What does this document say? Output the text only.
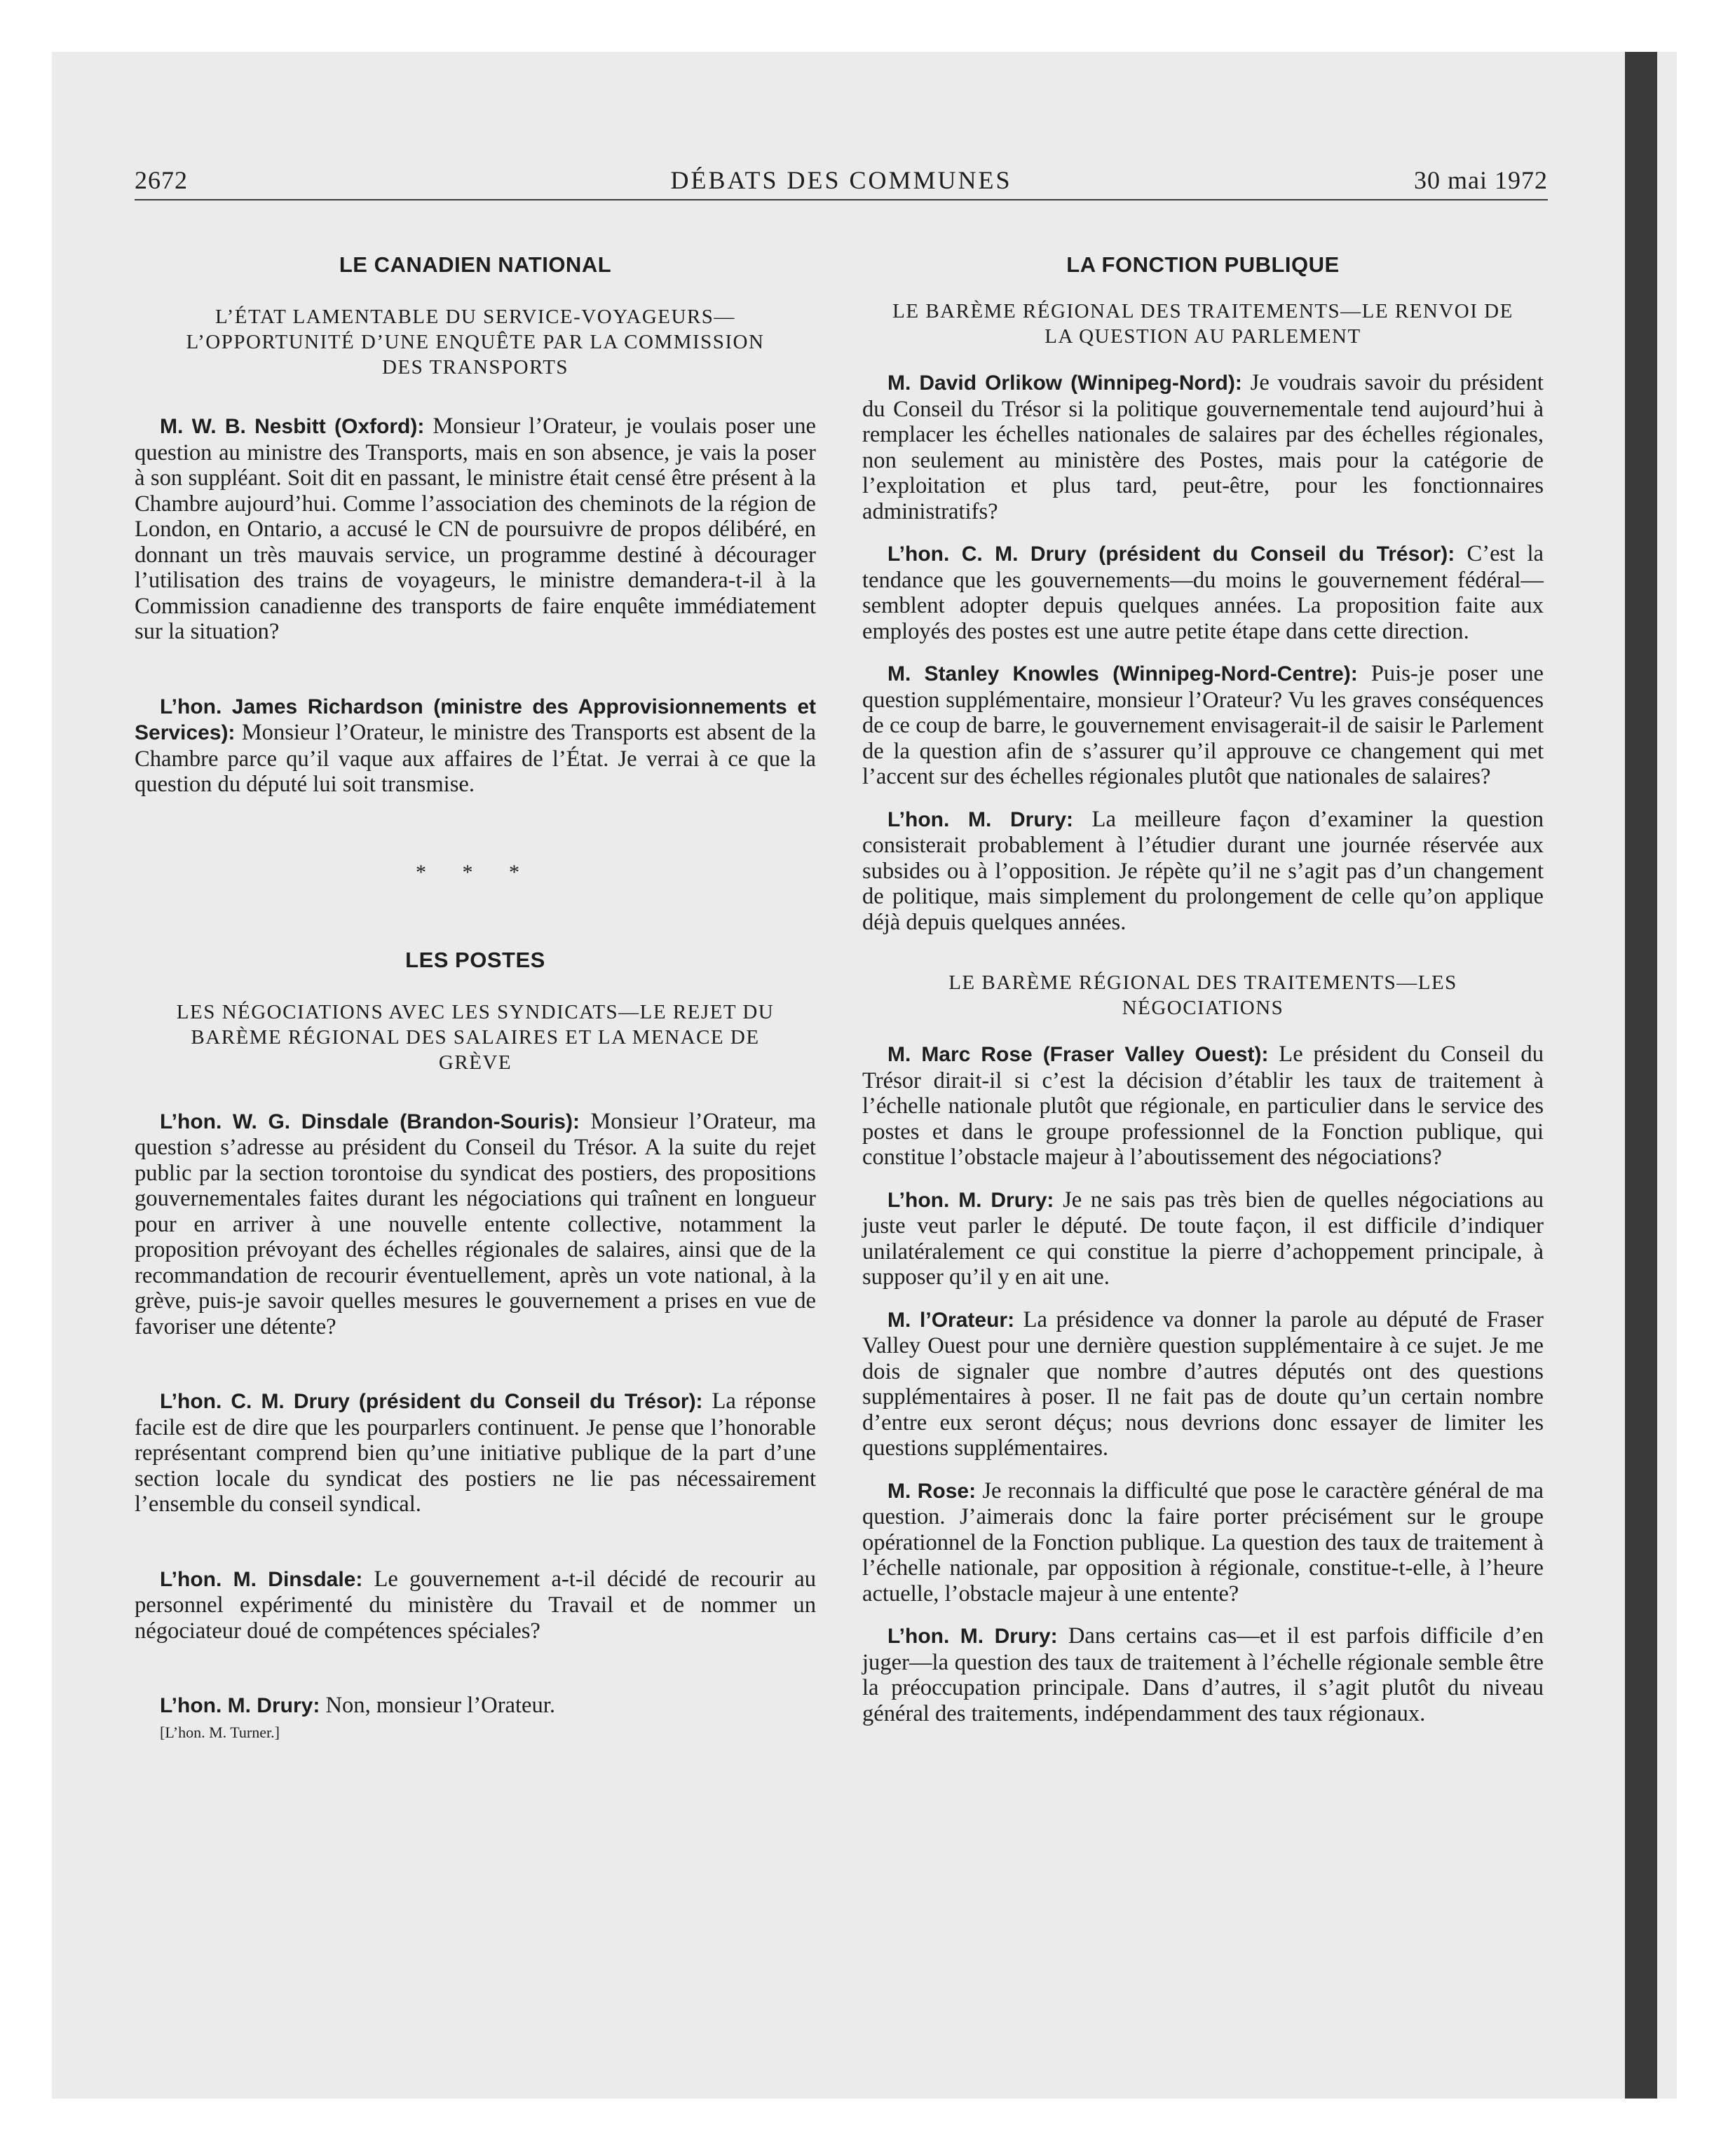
2672	DÉBATS DES COMMUNES	30 mai 1972
LE CANADIEN NATIONAL
L’ÉTAT LAMENTABLE DU SERVICE-VOYAGEURS— L’OPPORTUNITÉ D’UNE ENQUÊTE PAR LA COMMISSION DES TRANSPORTS

M. W. B. Nesbitt (Oxford): Monsieur l’Orateur, je voulais poser une question au ministre des Transports, mais en son absence, je vais la poser à son suppléant. Soit dit en passant, le ministre était censé être présent à la Chambre aujourd’hui. Comme l’association des cheminots de la région de London, en Ontario, a accusé le CN de poursuivre de propos délibéré, en donnant un très mauvais service, un programme destiné à décourager l’utilisation des trains de voyageurs, le ministre demandera-t-il à la Commission canadienne des transports de faire enquête immédiatement sur la situation?

L’hon. James Richardson (ministre des Approvisionnements et Services): Monsieur l’Orateur, le ministre des Transports est absent de la Chambre parce qu’il vaque aux affaires de l’État. Je verrai à ce que la question du député lui soit transmise.

* * *
LES POSTES
LES NÉGOCIATIONS AVEC LES SYNDICATS—LE REJET DU BARÈME RÉGIONAL DES SALAIRES ET LA MENACE DE GRÈVE

L’hon. W. G. Dinsdale (Brandon-Souris): Monsieur l’Orateur, ma question s’adresse au président du Conseil du Trésor. A la suite du rejet public par la section torontoise du syndicat des postiers, des propositions gouvernementales faites durant les négociations qui traînent en longueur pour en arriver à une nouvelle entente collective, notamment la proposition prévoyant des échelles régionales de salaires, ainsi que de la recommandation de recourir éventuellement, après un vote national, à la grève, puis-je savoir quelles mesures le gouvernement a prises en vue de favoriser une détente?

L’hon. C. M. Drury (président du Conseil du Trésor): La réponse facile est de dire que les pourparlers continuent. Je pense que l’honorable représentant comprend bien qu’une initiative publique de la part d’une section locale du syndicat des postiers ne lie pas nécessairement l’ensemble du conseil syndical.

L’hon. M. Dinsdale: Le gouvernement a-t-il décidé de recourir au personnel expérimenté du ministère du Travail et de nommer un négociateur doué de compétences spéciales?

L’hon. M. Drury: Non, monsieur l’Orateur.

[L’hon. M. Turner.]
LA FONCTION PUBLIQUE
LE BARÈME RÉGIONAL DES TRAITEMENTS—LE RENVOI DE LA QUESTION AU PARLEMENT

M. David Orlikow (Winnipeg-Nord): Je voudrais savoir du président du Conseil du Trésor si la politique gouvernementale tend aujourd’hui à remplacer les échelles nationales de salaires par des échelles régionales, non seulement au ministère des Postes, mais pour la catégorie de l’exploitation et plus tard, peut-être, pour les fonctionnaires administratifs?

L’hon. C. M. Drury (président du Conseil du Trésor): C’est la tendance que les gouvernements—du moins le gouvernement fédéral—semblent adopter depuis quelques années. La proposition faite aux employés des postes est une autre petite étape dans cette direction.

M. Stanley Knowles (Winnipeg-Nord-Centre): Puis-je poser une question supplémentaire, monsieur l’Orateur? Vu les graves conséquences de ce coup de barre, le gouvernement envisagerait-il de saisir le Parlement de la question afin de s’assurer qu’il approuve ce changement qui met l’accent sur des échelles régionales plutôt que nationales de salaires?

L’hon. M. Drury: La meilleure façon d’examiner la question consisterait probablement à l’étudier durant une journée réservée aux subsides ou à l’opposition. Je répète qu’il ne s’agit pas d’un changement de politique, mais simplement du prolongement de celle qu’on applique déjà depuis quelques années.

LE BARÈME RÉGIONAL DES TRAITEMENTS—LES NÉGOCIATIONS

M. Marc Rose (Fraser Valley Ouest): Le président du Conseil du Trésor dirait-il si c’est la décision d’établir les taux de traitement à l’échelle nationale plutôt que régionale, en particulier dans le service des postes et dans le groupe professionnel de la Fonction publique, qui constitue l’obstacle majeur à l’aboutissement des négociations?

L’hon. M. Drury: Je ne sais pas très bien de quelles négociations au juste veut parler le député. De toute façon, il est difficile d’indiquer unilatéralement ce qui constitue la pierre d’achoppement principale, à supposer qu’il y en ait une.

M. l’Orateur: La présidence va donner la parole au député de Fraser Valley Ouest pour une dernière question supplémentaire à ce sujet. Je me dois de signaler que nombre d’autres députés ont des questions supplémentaires à poser. Il ne fait pas de doute qu’un certain nombre d’entre eux seront déçus; nous devrions donc essayer de limiter les questions supplémentaires.

M. Rose: Je reconnais la difficulté que pose le caractère général de ma question. J’aimerais donc la faire porter précisément sur le groupe opérationnel de la Fonction publique. La question des taux de traitement à l’échelle nationale, par opposition à régionale, constitue-t-elle, à l’heure actuelle, l’obstacle majeur à une entente?

L’hon. M. Drury: Dans certains cas—et il est parfois difficile d’en juger—la question des taux de traitement à l’échelle régionale semble être la préoccupation principale. Dans d’autres, il s’agit plutôt du niveau général des traitements, indépendamment des taux régionaux.
